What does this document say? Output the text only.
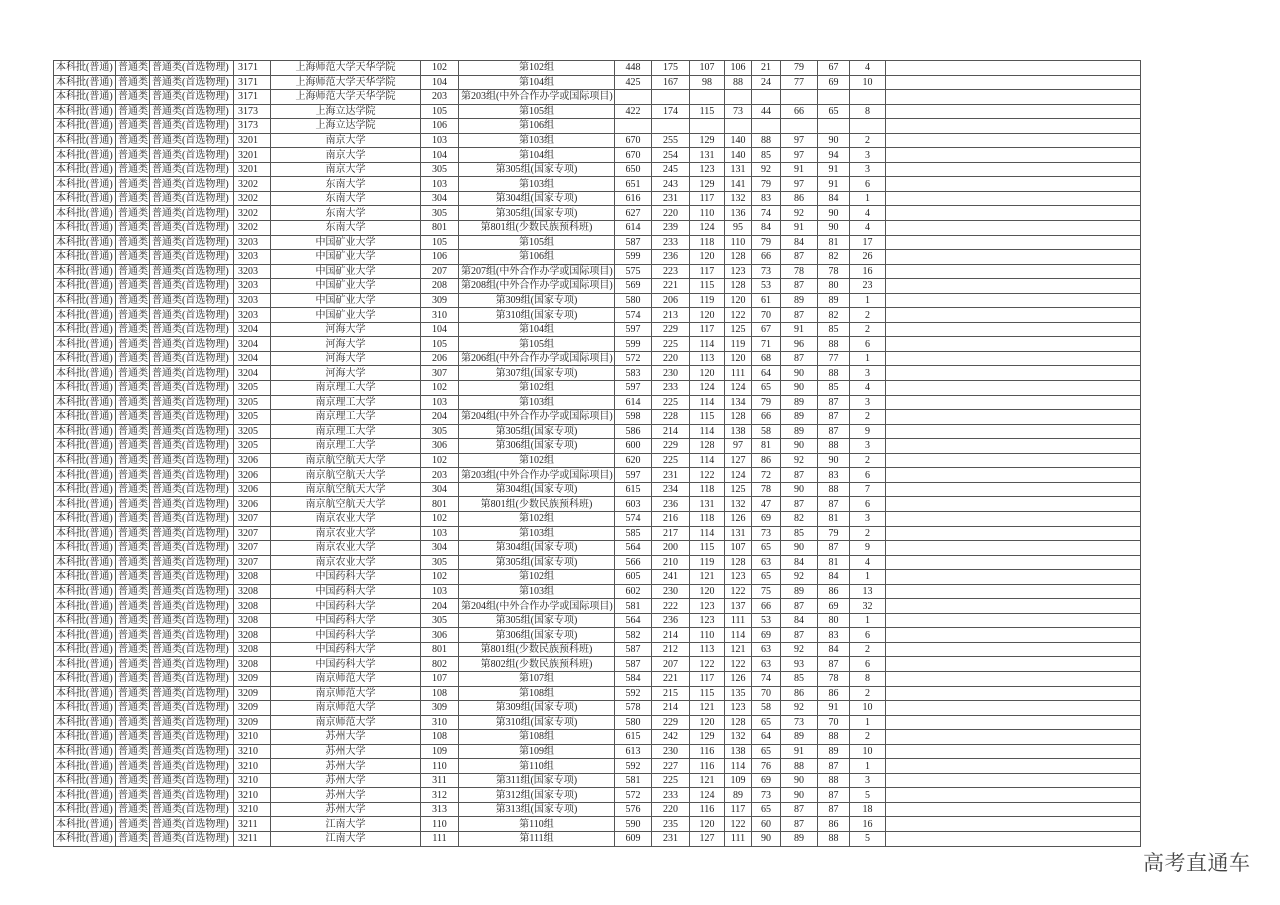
本科批(普通)	普通类	普通类(首选物理)	3171	上海师范大学天华学院	102	第102组	448	175	107	106	21	79	67	4	
本科批(普通)	普通类	普通类(首选物理)	3171	上海师范大学天华学院	104	第104组	425	167	98	88	24	77	69	10	
本科批(普通)	普通类	普通类(首选物理)	3171	上海师范大学天华学院	203	第203组(中外合作办学或国际项目)									
本科批(普通)	普通类	普通类(首选物理)	3173	上海立达学院	105	第105组	422	174	115	73	44	66	65	8	
本科批(普通)	普通类	普通类(首选物理)	3173	上海立达学院	106	第106组									
本科批(普通)	普通类	普通类(首选物理)	3201	南京大学	103	第103组	670	255	129	140	88	97	90	2	
本科批(普通)	普通类	普通类(首选物理)	3201	南京大学	104	第104组	670	254	131	140	85	97	94	3	
本科批(普通)	普通类	普通类(首选物理)	3201	南京大学	305	第305组(国家专项)	650	245	123	131	92	91	91	3	
本科批(普通)	普通类	普通类(首选物理)	3202	东南大学	103	第103组	651	243	129	141	79	97	91	6	
本科批(普通)	普通类	普通类(首选物理)	3202	东南大学	304	第304组(国家专项)	616	231	117	132	83	86	84	1	
本科批(普通)	普通类	普通类(首选物理)	3202	东南大学	305	第305组(国家专项)	627	220	110	136	74	92	90	4	
本科批(普通)	普通类	普通类(首选物理)	3202	东南大学	801	第801组(少数民族预科班)	614	239	124	95	84	91	90	4	
本科批(普通)	普通类	普通类(首选物理)	3203	中国矿业大学	105	第105组	587	233	118	110	79	84	81	17	
本科批(普通)	普通类	普通类(首选物理)	3203	中国矿业大学	106	第106组	599	236	120	128	66	87	82	26	
本科批(普通)	普通类	普通类(首选物理)	3203	中国矿业大学	207	第207组(中外合作办学或国际项目)	575	223	117	123	73	78	78	16	
本科批(普通)	普通类	普通类(首选物理)	3203	中国矿业大学	208	第208组(中外合作办学或国际项目)	569	221	115	128	53	87	80	23	
本科批(普通)	普通类	普通类(首选物理)	3203	中国矿业大学	309	第309组(国家专项)	580	206	119	120	61	89	89	1	
本科批(普通)	普通类	普通类(首选物理)	3203	中国矿业大学	310	第310组(国家专项)	574	213	120	122	70	87	82	2	
本科批(普通)	普通类	普通类(首选物理)	3204	河海大学	104	第104组	597	229	117	125	67	91	85	2	
本科批(普通)	普通类	普通类(首选物理)	3204	河海大学	105	第105组	599	225	114	119	71	96	88	6	
本科批(普通)	普通类	普通类(首选物理)	3204	河海大学	206	第206组(中外合作办学或国际项目)	572	220	113	120	68	87	77	1	
本科批(普通)	普通类	普通类(首选物理)	3204	河海大学	307	第307组(国家专项)	583	230	120	111	64	90	88	3	
本科批(普通)	普通类	普通类(首选物理)	3205	南京理工大学	102	第102组	597	233	124	124	65	90	85	4	
本科批(普通)	普通类	普通类(首选物理)	3205	南京理工大学	103	第103组	614	225	114	134	79	89	87	3	
本科批(普通)	普通类	普通类(首选物理)	3205	南京理工大学	204	第204组(中外合作办学或国际项目)	598	228	115	128	66	89	87	2	
本科批(普通)	普通类	普通类(首选物理)	3205	南京理工大学	305	第305组(国家专项)	586	214	114	138	58	89	87	9	
本科批(普通)	普通类	普通类(首选物理)	3205	南京理工大学	306	第306组(国家专项)	600	229	128	97	81	90	88	3	
本科批(普通)	普通类	普通类(首选物理)	3206	南京航空航天大学	102	第102组	620	225	114	127	86	92	90	2	
本科批(普通)	普通类	普通类(首选物理)	3206	南京航空航天大学	203	第203组(中外合作办学或国际项目)	597	231	122	124	72	87	83	6	
本科批(普通)	普通类	普通类(首选物理)	3206	南京航空航天大学	304	第304组(国家专项)	615	234	118	125	78	90	88	7	
本科批(普通)	普通类	普通类(首选物理)	3206	南京航空航天大学	801	第801组(少数民族预科班)	603	236	131	132	47	87	87	6	
本科批(普通)	普通类	普通类(首选物理)	3207	南京农业大学	102	第102组	574	216	118	126	69	82	81	3	
本科批(普通)	普通类	普通类(首选物理)	3207	南京农业大学	103	第103组	585	217	114	131	73	85	79	2	
本科批(普通)	普通类	普通类(首选物理)	3207	南京农业大学	304	第304组(国家专项)	564	200	115	107	65	90	87	9	
本科批(普通)	普通类	普通类(首选物理)	3207	南京农业大学	305	第305组(国家专项)	566	210	119	128	63	84	81	4	
本科批(普通)	普通类	普通类(首选物理)	3208	中国药科大学	102	第102组	605	241	121	123	65	92	84	1	
本科批(普通)	普通类	普通类(首选物理)	3208	中国药科大学	103	第103组	602	230	120	122	75	89	86	13	
本科批(普通)	普通类	普通类(首选物理)	3208	中国药科大学	204	第204组(中外合作办学或国际项目)	581	222	123	137	66	87	69	32	
本科批(普通)	普通类	普通类(首选物理)	3208	中国药科大学	305	第305组(国家专项)	564	236	123	111	53	84	80	1	
本科批(普通)	普通类	普通类(首选物理)	3208	中国药科大学	306	第306组(国家专项)	582	214	110	114	69	87	83	6	
本科批(普通)	普通类	普通类(首选物理)	3208	中国药科大学	801	第801组(少数民族预科班)	587	212	113	121	63	92	84	2	
本科批(普通)	普通类	普通类(首选物理)	3208	中国药科大学	802	第802组(少数民族预科班)	587	207	122	122	63	93	87	6	
本科批(普通)	普通类	普通类(首选物理)	3209	南京师范大学	107	第107组	584	221	117	126	74	85	78	8	
本科批(普通)	普通类	普通类(首选物理)	3209	南京师范大学	108	第108组	592	215	115	135	70	86	86	2	
本科批(普通)	普通类	普通类(首选物理)	3209	南京师范大学	309	第309组(国家专项)	578	214	121	123	58	92	91	10	
本科批(普通)	普通类	普通类(首选物理)	3209	南京师范大学	310	第310组(国家专项)	580	229	120	128	65	73	70	1	
本科批(普通)	普通类	普通类(首选物理)	3210	苏州大学	108	第108组	615	242	129	132	64	89	88	2	
本科批(普通)	普通类	普通类(首选物理)	3210	苏州大学	109	第109组	613	230	116	138	65	91	89	10	
本科批(普通)	普通类	普通类(首选物理)	3210	苏州大学	110	第110组	592	227	116	114	76	88	87	1	
本科批(普通)	普通类	普通类(首选物理)	3210	苏州大学	311	第311组(国家专项)	581	225	121	109	69	90	88	3	
本科批(普通)	普通类	普通类(首选物理)	3210	苏州大学	312	第312组(国家专项)	572	233	124	89	73	90	87	5	
本科批(普通)	普通类	普通类(首选物理)	3210	苏州大学	313	第313组(国家专项)	576	220	116	117	65	87	87	18	
本科批(普通)	普通类	普通类(首选物理)	3211	江南大学	110	第110组	590	235	120	122	60	87	86	16	
本科批(普通)	普通类	普通类(首选物理)	3211	江南大学	111	第111组	609	231	127	111	90	89	88	5	
高考直通车
